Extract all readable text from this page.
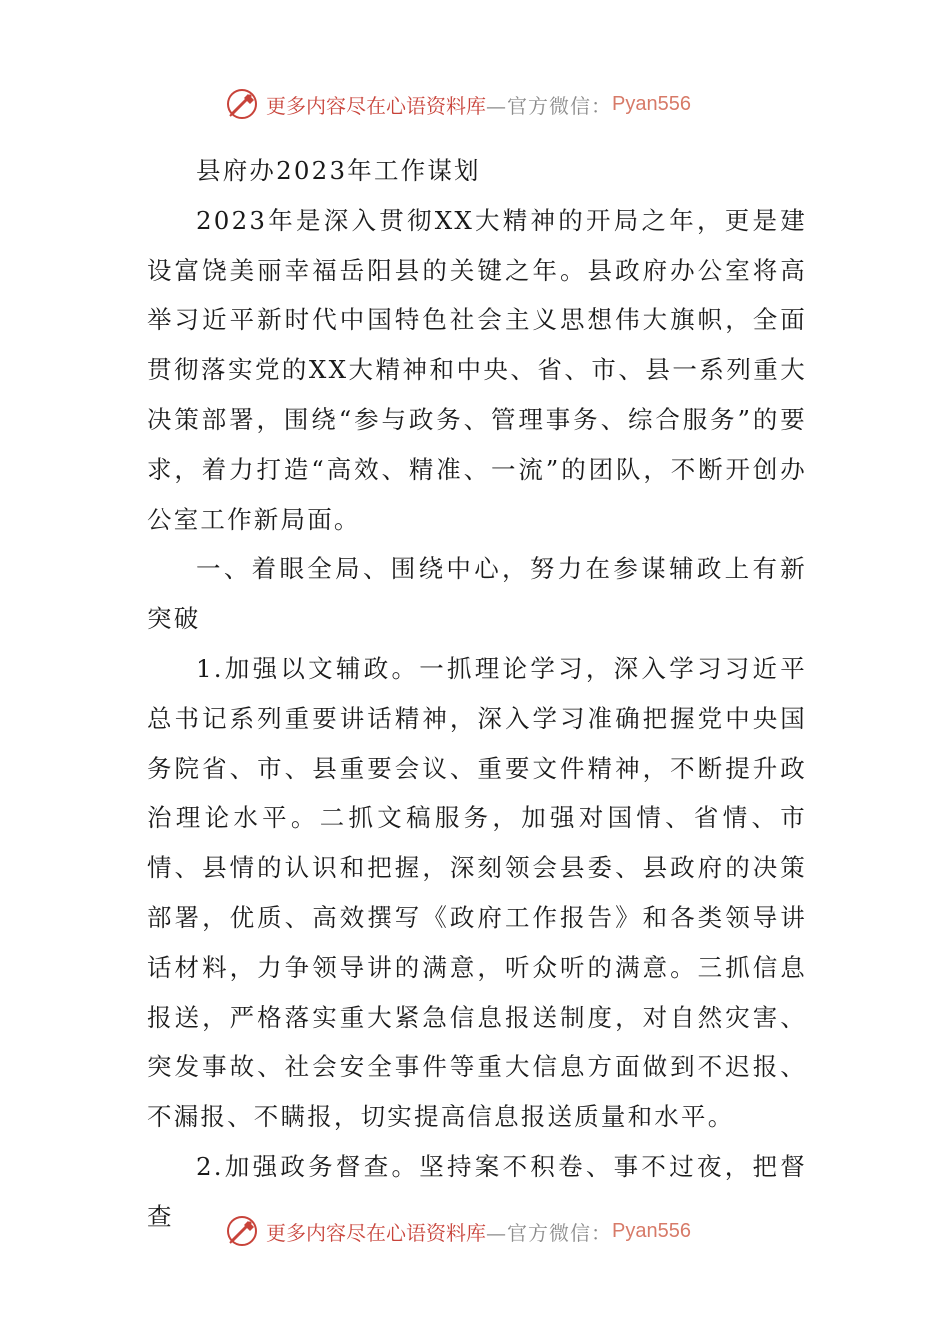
更多内容尽在心语资料库 —官方微信： Pyan556

县府办2023年工作谋划

2023年是深入贯彻XX大精神的开局之年，更是建设富饶美丽幸福岳阳县的关键之年。县政府办公室将高举习近平新时代中国特色社会主义思想伟大旗帜，全面贯彻落实党的XX大精神和中央、省、市、县一系列重大决策部署，围绕“参与政务、管理事务、综合服务”的要求，着力打造“高效、精准、一流”的团队，不断开创办公室工作新局面。

一、着眼全局、围绕中心，努力在参谋辅政上有新突破

1.加强以文辅政。一抓理论学习，深入学习习近平总书记系列重要讲话精神，深入学习准确把握党中央国务院省、市、县重要会议、重要文件精神，不断提升政治理论水平。二抓文稿服务，加强对国情、省情、市情、县情的认识和把握，深刻领会县委、县政府的决策部署，优质、高效撰写《政府工作报告》和各类领导讲话材料，力争领导讲的满意，听众听的满意。三抓信息报送，严格落实重大紧急信息报送制度，对自然灾害、突发事故、社会安全事件等重大信息方面做到不迟报、不漏报、不瞒报，切实提高信息报送质量和水平。

2.加强政务督查。坚持案不积卷、事不过夜，把督查

更多内容尽在心语资料库 —官方微信： Pyan556
